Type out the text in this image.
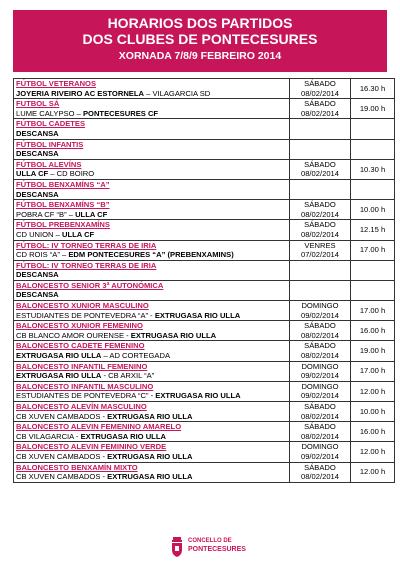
HORARIOS DOS PARTIDOS
DOS CLUBES DE PONTECESURES
XORNADA 7/8/9 FEBREIRO 2014
FÚTBOL VETERANOS
JOYERIA RIVEIRO AC ESTORNELA – VILAGARCIA SD	SÁBADO
08/02/2014	16.30 h

FUTBOL SÁ
LUME CALYPSO – PONTECESURES CF	SÁBADO
08/02/2014	19.00 h

FÚTBOL CADETES
DESCANSA		

FÚTBOL INFANTIS
DESCANSA		

FÚTBOL ALEVÍNS
ULLA CF – CD BOIRO	SÁBADO
08/02/2014	10.30 h

FÚTBOL BENXAMÍNS “A”
DESCANSA		

FÚTBOL BENXAMÍNS “B”
POBRA CF “B” – ULLA CF	SÁBADO
08/02/2014	10.00 h

FÚTBOL PREBENXAMÍNS
CD UNION – ULLA CF	SÁBADO
08/02/2014	12.15 h

FÚTBOL: IV TORNEO TERRAS DE IRIA
CD ROIS “A” – EDM PONTECESURES “A” (PREBENXAMINS)	VENRES
07/02/2014	17.00 h

FÚTBOL: IV TORNEO TERRAS DE IRIA
DESCANSA		

BALONCESTO SENIOR 3ª AUTONÓMICA
DESCANSA		

BALONCESTO XUNIOR MASCULINO
ESTUDIANTES DE PONTEVEDRA “A” - EXTRUGASA RIO ULLA	DOMINGO
09/02/2014	17.00 h

BALONCESTO XUNIOR FEMENINO
CB BLANCO AMOR OURENSE - EXTRUGASA RIO ULLA	SÁBADO
08/02/2014	16.00 h

BALONCESTO CADETE FEMENINO
EXTRUGASA RIO ULLA – AD CORTEGADA	SÁBADO
08/02/2014	19.00 h

BALONCESTO INFANTIL FEMENINO
EXTRUGASA RIO ULLA - CB ARXIL “A”	DOMINGO
09/02/2014	17.00 h

BALONCESTO INFANTIL MASCULINO
ESTUDIANTES DE PONTEVEDRA “C” - EXTRUGASA RIO ULLA	DOMINGO
09/02/2014	12.00 h

BALONCESTO ALEVÍN MASCULINO
CB XUVEN CAMBADOS - EXTRUGASA RIO ULLA	SÁBADO
08/02/2014	10.00 h

BALONCESTO ALEVIN FEMENINO AMARELO
CB VILAGARCIA - EXTRUGASA RIO ULLA	SÁBADO
08/02/2014	16.00 h

BALONCESTO ALEVIN FEMININO VERDE
CB XUVEN CAMBADOS - EXTRUGASA RIO ULLA	DOMINGO
09/02/2014	12.00 h

BALONCESTO BENXAMÍN MIXTO
CB XUVEN CAMBADOS - EXTRUGASA RIO ULLA	SÁBADO
08/02/2014	12.00 h
CONCELLO DE
PONTECESURES
